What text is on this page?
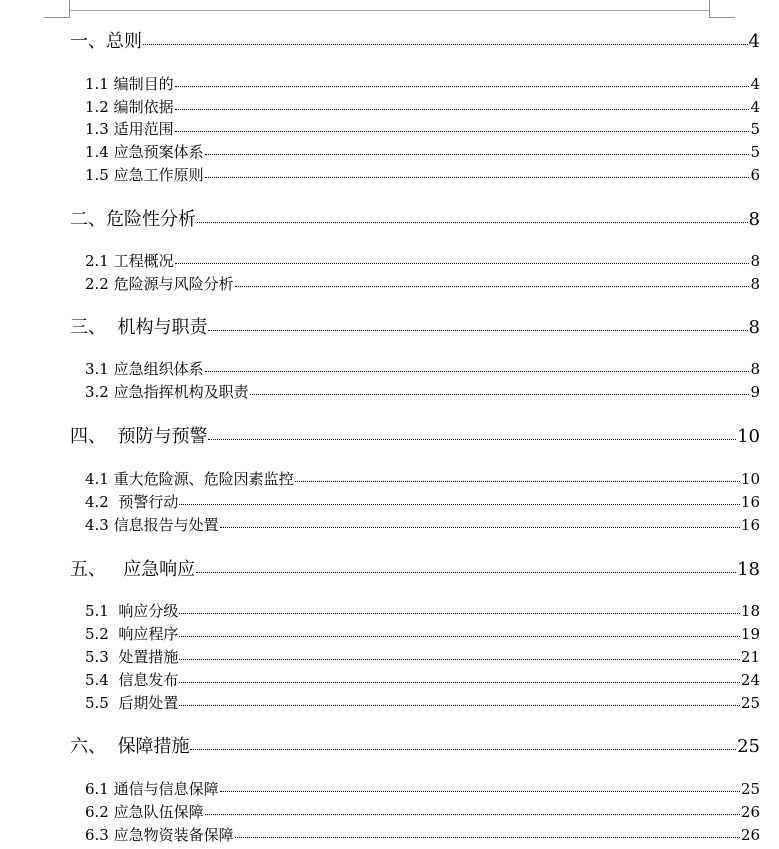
一、总则	4
1.1 编制目的	4
1.2 编制依据	4
1.3 适用范围	5
1.4 应急预案体系	5
1.5 应急工作原则	6
二、危险性分析	8
2.1 工程概况	8
2.2 危险源与风险分析	8
三、  机构与职责	8
3.1 应急组织体系	8
3.2 应急指挥机构及职责	9
四、  预防与预警	10
4.1 重大危险源、危险因素监控	10
4.2  预警行动	16
4.3 信息报告与处置	16
五、   应急响应	18
5.1  响应分级	18
5.2  响应程序	19
5.3  处置措施	21
5.4  信息发布	24
5.5  后期处置	25
六、  保障措施	25
6.1 通信与信息保障	25
6.2 应急队伍保障	26
6.3 应急物资装备保障	26
